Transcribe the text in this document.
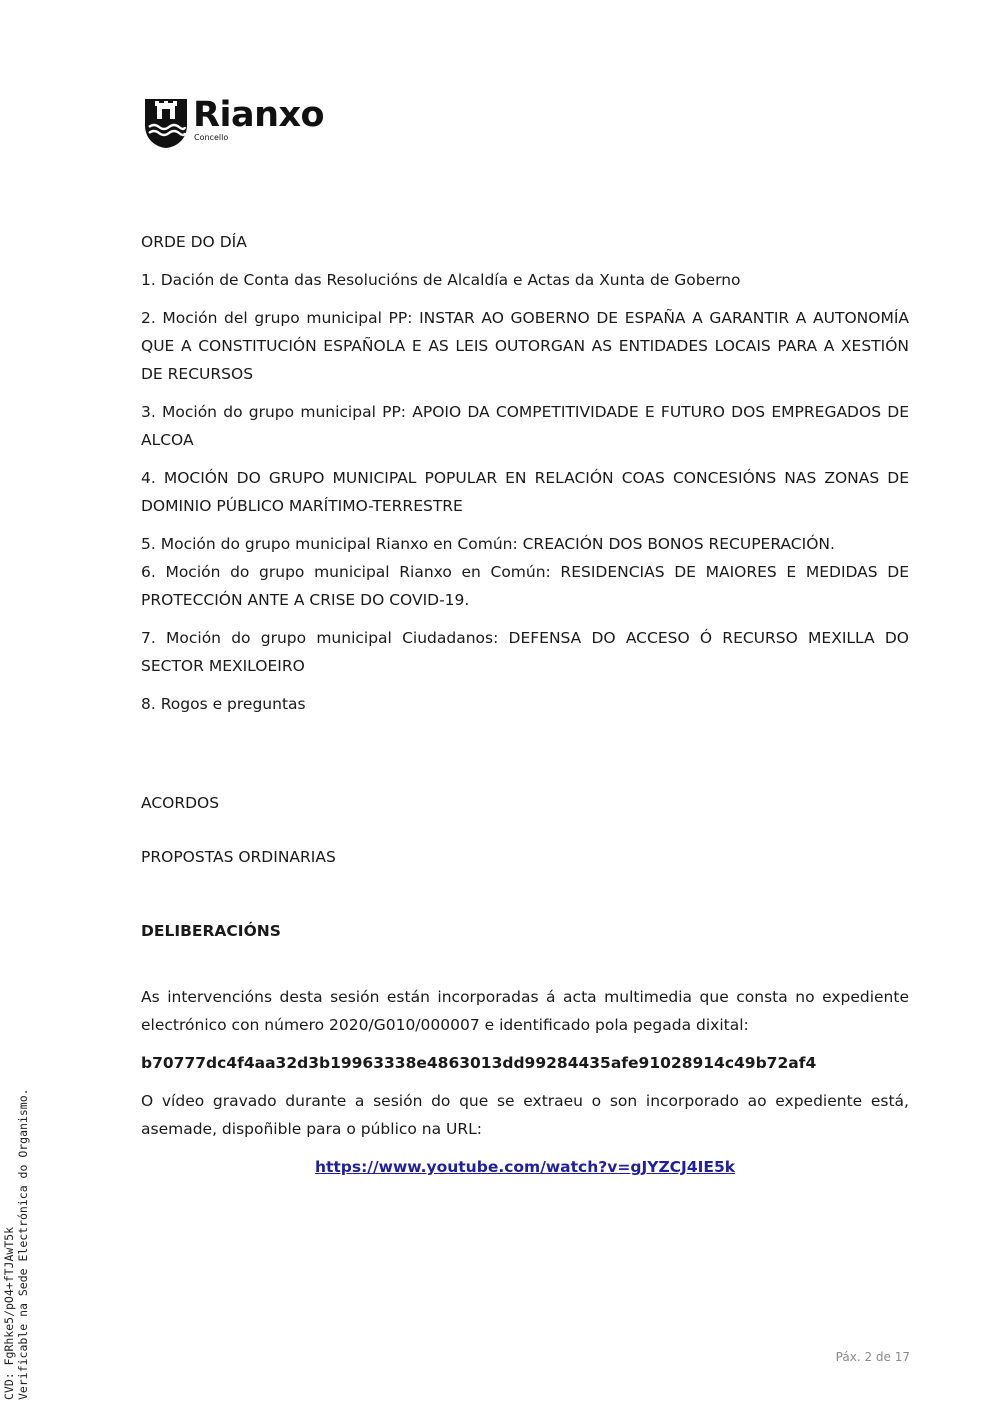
Rianxo
Concello

ORDE DO DÍA

1. Dación de Conta das Resolucións de Alcaldía e Actas da Xunta de Goberno

2. Moción del grupo municipal PP: INSTAR AO GOBERNO DE ESPAÑA A GARANTIR A AUTONOMÍA QUE A CONSTITUCIÓN ESPAÑOLA E AS LEIS OUTORGAN AS ENTIDADES LOCAIS PARA A XESTIÓN DE RECURSOS

3. Moción do grupo municipal PP: APOIO DA COMPETITIVIDADE E FUTURO DOS EMPREGADOS DE ALCOA

4. MOCIÓN DO GRUPO MUNICIPAL POPULAR EN RELACIÓN COAS CONCESIÓNS NAS ZONAS DE DOMINIO PÚBLICO MARÍTIMO-TERRESTRE

5. Moción do grupo municipal Rianxo en Común: CREACIÓN DOS BONOS RECUPERACIÓN.

6. Moción do grupo municipal Rianxo en Común: RESIDENCIAS DE MAIORES E MEDIDAS DE PROTECCIÓN ANTE A CRISE DO COVID-19.

7. Moción do grupo municipal Ciudadanos: DEFENSA DO ACCESO Ó RECURSO MEXILLA DO SECTOR MEXILOEIRO

8. Rogos e preguntas

ACORDOS

PROPOSTAS ORDINARIAS

DELIBERACIÓNS

As intervencións desta sesión están incorporadas á acta multimedia que consta no expediente electrónico con número 2020/G010/000007 e identificado pola pegada dixital:

b70777dc4f4aa32d3b19963338e4863013dd99284435afe91028914c49b72af4

O vídeo gravado durante a sesión do que se extraeu o son incorporado ao expediente está, asemade, dispoñible para o público na URL:

https://www.youtube.com/watch?v=gJYZCJ4IE5k

CVD: FgRhke5/pO4+fTJAwT5k Verificable na Sede Electrónica do Organismo.	Páx. 2 de 17
